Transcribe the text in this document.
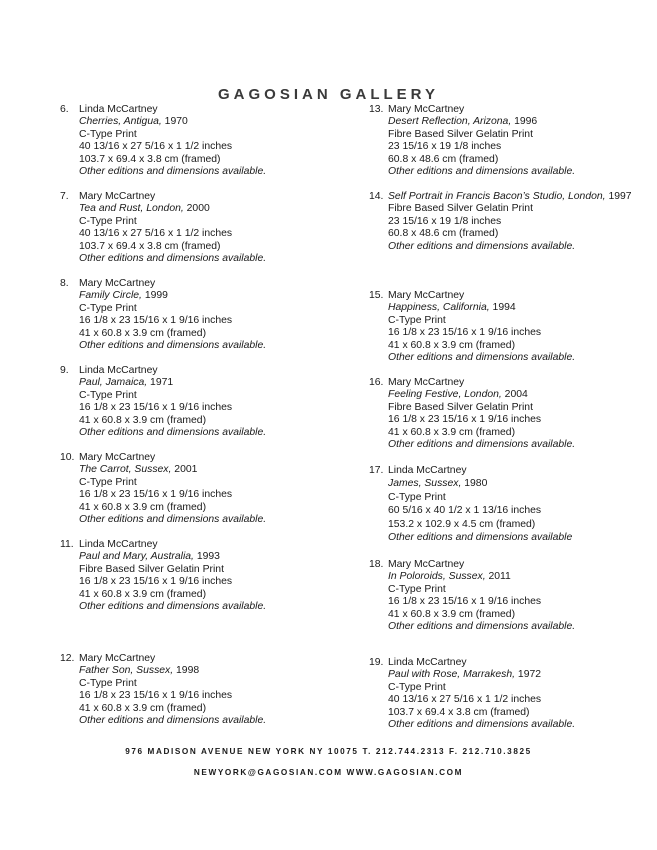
GAGOSIAN GALLERY
6. Linda McCartney
Cherries, Antigua, 1970
C-Type Print
40 13/16 x 27 5/16 x 1 1/2 inches
103.7 x 69.4 x 3.8 cm (framed)
Other editions and dimensions available.
7. Mary McCartney
Tea and Rust, London, 2000
C-Type Print
40 13/16 x 27 5/16 x 1 1/2 inches
103.7 x 69.4 x 3.8 cm (framed)
Other editions and dimensions available.
8. Mary McCartney
Family Circle, 1999
C-Type Print
16 1/8 x 23 15/16 x 1 9/16 inches
41 x 60.8 x 3.9 cm (framed)
Other editions and dimensions available.
9. Linda McCartney
Paul, Jamaica, 1971
C-Type Print
16 1/8 x 23 15/16 x 1 9/16 inches
41 x 60.8 x 3.9 cm (framed)
Other editions and dimensions available.
10. Mary McCartney
The Carrot, Sussex, 2001
C-Type Print
16 1/8 x 23 15/16 x 1 9/16 inches
41 x 60.8 x 3.9 cm (framed)
Other editions and dimensions available.
11. Linda McCartney
Paul and Mary, Australia, 1993
Fibre Based Silver Gelatin Print
16 1/8 x 23 15/16 x 1 9/16 inches
41 x 60.8 x 3.9 cm (framed)
Other editions and dimensions available.
12. Mary McCartney
Father Son, Sussex, 1998
C-Type Print
16 1/8 x 23 15/16 x 1 9/16 inches
41 x 60.8 x 3.9 cm (framed)
Other editions and dimensions available.
13. Mary McCartney
Desert Reflection, Arizona, 1996
Fibre Based Silver Gelatin Print
23 15/16 x 19 1/8 inches
60.8 x 48.6 cm (framed)
Other editions and dimensions available.
14. Self Portrait in Francis Bacon’s Studio, London, 1997
Fibre Based Silver Gelatin Print
23 15/16 x 19 1/8 inches
60.8 x 48.6 cm (framed)
Other editions and dimensions available.
15. Mary McCartney
Happiness, California, 1994
C-Type Print
16 1/8 x 23 15/16 x 1 9/16 inches
41 x 60.8 x 3.9 cm (framed)
Other editions and dimensions available.
16. Mary McCartney
Feeling Festive, London, 2004
Fibre Based Silver Gelatin Print
16 1/8 x 23 15/16 x 1 9/16 inches
41 x 60.8 x 3.9 cm (framed)
Other editions and dimensions available.
17. Linda McCartney
James, Sussex, 1980
C-Type Print
60 5/16 x 40 1/2 x 1 13/16 inches
153.2 x 102.9 x 4.5 cm (framed)
Other editions and dimensions available
18. Mary McCartney
In Poloroids, Sussex, 2011
C-Type Print
16 1/8 x 23 15/16 x 1 9/16 inches
41 x 60.8 x 3.9 cm (framed)
Other editions and dimensions available.
19. Linda McCartney
Paul with Rose, Marrakesh, 1972
C-Type Print
40 13/16 x 27 5/16 x 1 1/2 inches
103.7 x 69.4 x 3.8 cm (framed)
Other editions and dimensions available.
976 MADISON AVENUE NEW YORK NY 10075 T. 212.744.2313 F. 212.710.3825
NEWYORK@GAGOSIAN.COM WWW.GAGOSIAN.COM
